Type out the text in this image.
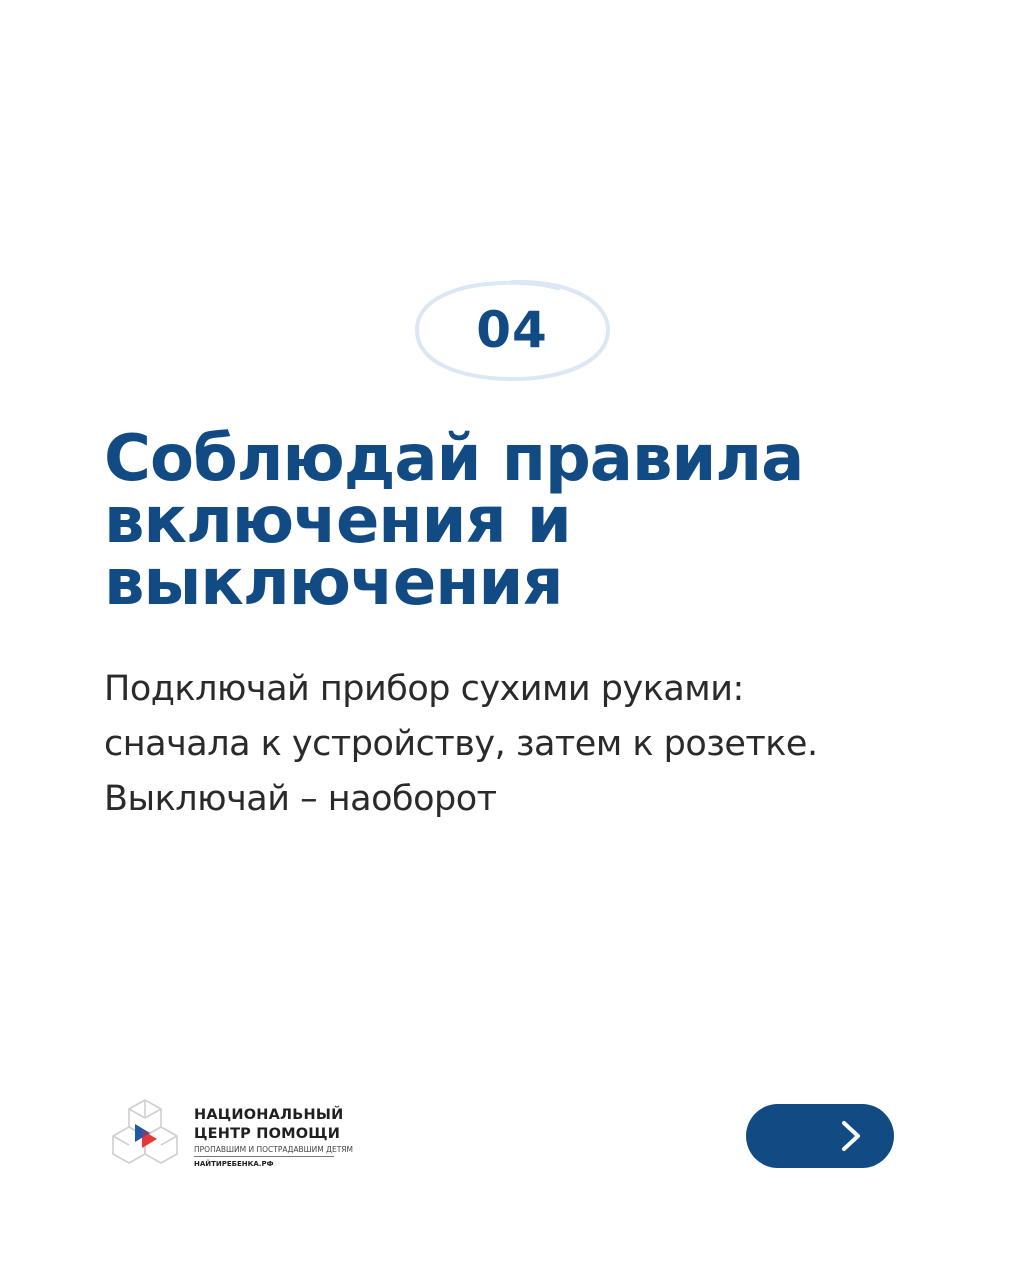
04
Соблюдай правила
включения и
выключения
Подключай прибор сухими руками:
сначала к устройству, затем к розетке.
Выключай – наоборот
НАЦИОНАЛЬНЫЙ
ЦЕНТР ПОМОЩИ
ПРОПАВШИМ И ПОСТРАДАВШИМ ДЕТЯМ
НАЙТИРЕБЕНКА.РФ
